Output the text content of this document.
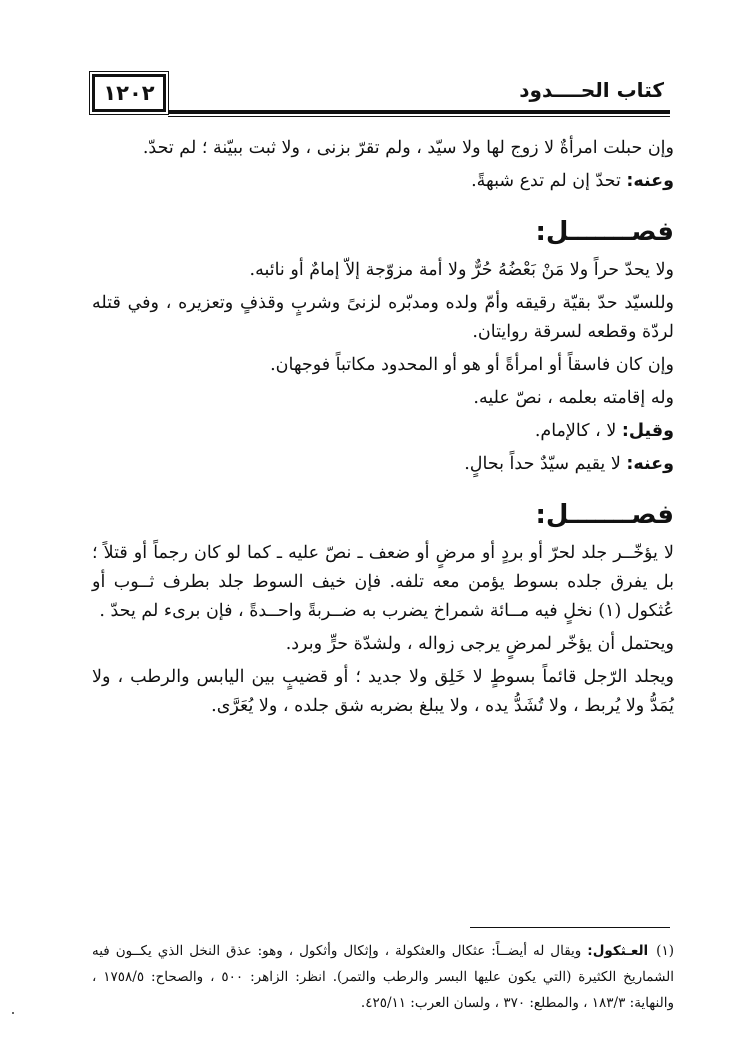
١٢٠٢	كتاب الحــــدود

وإن حبلت امرأةٌ لا زوج لها ولا سيّد ، ولم تقرّ بزنى ، ولا ثبت ببيّنة ؛ لم تحدّ.

وعنه: تحدّ إن لم تدع شبهةً.

فصـــــــل:

ولا يحدّ حراً ولا مَنْ بَعْضُهُ حُرٌّ ولا أمة مزوّجة إلاّ إمامٌ أو نائبه.

وللسيّد حدّ بقيّة رقيقه وأمّ ولده ومدبّره لزنىً وشربٍ وقذفٍ وتعزيره ، وفي قتله لردّة وقطعه لسرقة روايتان.

وإن كان فاسقاً أو امرأةً أو هو أو المحدود مكاتباً فوجهان.

وله إقامته بعلمه ، نصّ عليه.

وقيل: لا ، كالإمام.

وعنه: لا يقيم سيّدٌ حداً بحالٍ.

فصـــــــل:

لا يؤخّــر جلد لحرّ أو بردٍ أو مرضٍ أو ضعف ـ نصّ عليه ـ كما لو كان رجماً أو قتلاً ؛ بل يفرق جلده بسوط يؤمن معه تلفه. فإن خيف السوط جلد بطرف ثــوب أو عُثكول (١) نخلٍ فيه مــائة شمراخ يضرب به ضــربةً واحــدةً ، فإن برىء لم يحدّ .

ويحتمل أن يؤخّر لمرضٍ يرجى زواله ، ولشدّة حرٍّ وبرد.

ويجلد الرّجل قائماً بسوطٍ لا خَلِق ولا جديد ؛ أو قضيبٍ بين اليابس والرطب ، ولا يُمَدُّ ولا يُربط ، ولا تُشَدُّ يده ، ولا يبلغ بضربه شق جلده ، ولا يُعَرَّى.

(١)العـثكول: ويقال له أيضــاً: عثكال والعثكولة ، وإثكال وأثكول ، وهو: عذق النخل الذي يكــون فيه الشماريخ الكثيرة (التي يكون عليها البسر والرطب والتمر). انظر: الزاهر: ٥٠٠ ، والصحاح: ١٧٥٨/٥ ، والنهاية: ١٨٣/٣ ، والمطلع: ٣٧٠ ، ولسان العرب: ٤٢٥/١١.
